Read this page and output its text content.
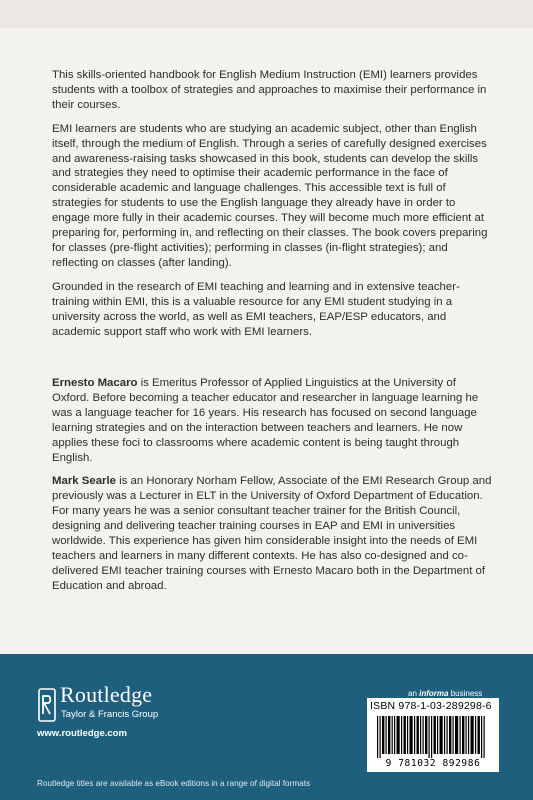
This skills-oriented handbook for English Medium Instruction (EMI) learners provides students with a toolbox of strategies and approaches to maximise their performance in their courses.

EMI learners are students who are studying an academic subject, other than English itself, through the medium of English. Through a series of carefully designed exercises and awareness-raising tasks showcased in this book, students can develop the skills and strategies they need to optimise their academic performance in the face of considerable academic and language challenges. This accessible text is full of strategies for students to use the English language they already have in order to engage more fully in their academic courses. They will become much more efficient at preparing for, performing in, and reflecting on their classes. The book covers preparing for classes (pre-flight activities); performing in classes (in-flight strategies); and reflecting on classes (after landing).

Grounded in the research of EMI teaching and learning and in extensive teacher-training within EMI, this is a valuable resource for any EMI student studying in a university across the world, as well as EMI teachers, EAP/ESP educators, and academic support staff who work with EMI learners.

Ernesto Macaro is Emeritus Professor of Applied Linguistics at the University of Oxford. Before becoming a teacher educator and researcher in language learning he was a language teacher for 16 years. His research has focused on second language learning strategies and on the interaction between teachers and learners. He now applies these foci to classrooms where academic content is being taught through English.

Mark Searle is an Honorary Norham Fellow, Associate of the EMI Research Group and previously was a Lecturer in ELT in the University of Oxford Department of Education. For many years he was a senior consultant teacher trainer for the British Council, designing and delivering teacher training courses in EAP and EMI in universities worldwide. This experience has given him considerable insight into the needs of EMI teachers and learners in many different contexts. He has also co-designed and co-delivered EMI teacher training courses with Ernesto Macaro both in the Department of Education and abroad.

Routledge
Taylor & Francis Group
www.routledge.com
an informa business
ISBN 978-1-03-289298-6
9 781032 892986
Routledge titles are available as eBook editions in a range of digital formats
